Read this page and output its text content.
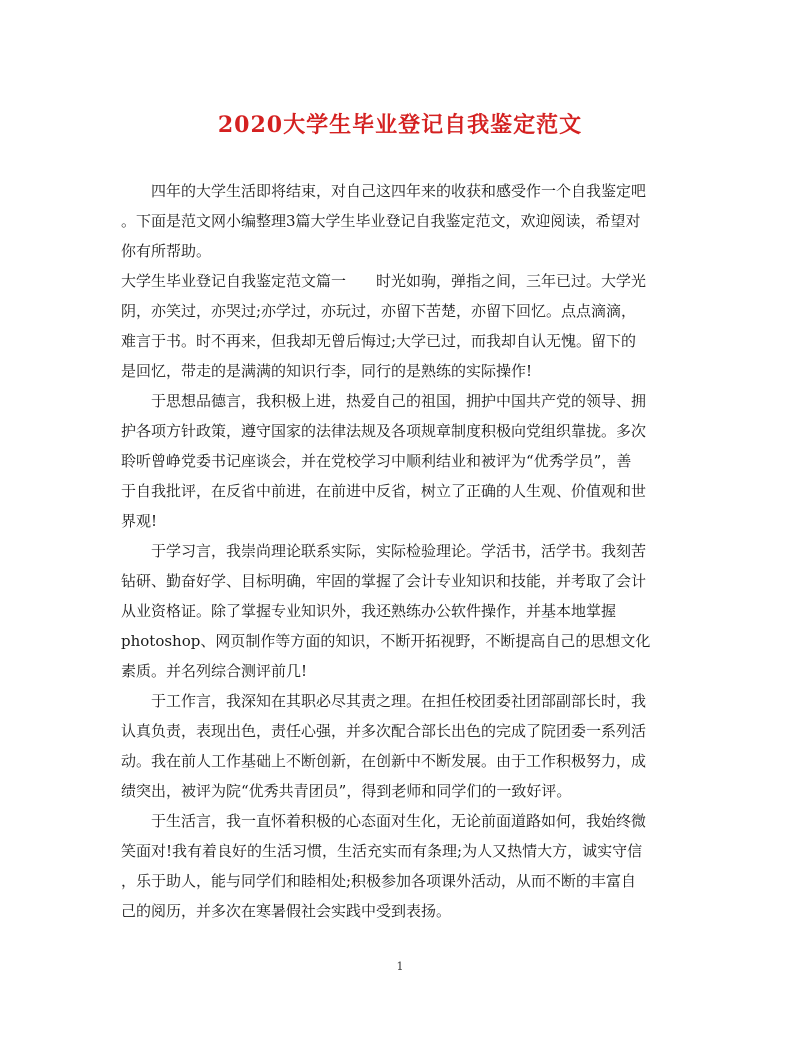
2020大学生毕业登记自我鉴定范文
　　四年的大学生活即将结束，对自己这四年来的收获和感受作一个自我鉴定吧
。下面是范文网小编整理3篇大学生毕业登记自我鉴定范文，欢迎阅读，希望对
你有所帮助。
大学生毕业登记自我鉴定范文篇一　　时光如驹，弹指之间，三年已过。大学光
阴，亦笑过，亦哭过;亦学过，亦玩过，亦留下苦楚，亦留下回忆。点点滴滴，
难言于书。时不再来，但我却无曾后悔过;大学已过，而我却自认无愧。留下的
是回忆，带走的是满满的知识行李，同行的是熟练的实际操作!
　　于思想品德言，我积极上进，热爱自己的祖国，拥护中国共产党的领导、拥
护各项方针政策，遵守国家的法律法规及各项规章制度积极向党组织靠拢。多次
聆听曾峥党委书记座谈会，并在党校学习中顺利结业和被评为“优秀学员”，善
于自我批评，在反省中前进，在前进中反省，树立了正确的人生观、价值观和世
界观!
　　于学习言，我崇尚理论联系实际，实际检验理论。学活书，活学书。我刻苦
钻研、勤奋好学、目标明确，牢固的掌握了会计专业知识和技能，并考取了会计
从业资格证。除了掌握专业知识外，我还熟练办公软件操作，并基本地掌握
photoshop、网页制作等方面的知识，不断开拓视野，不断提高自己的思想文化
素质。并名列综合测评前几!
　　于工作言，我深知在其职必尽其责之理。在担任校团委社团部副部长时，我
认真负责，表现出色，责任心强，并多次配合部长出色的完成了院团委一系列活
动。我在前人工作基础上不断创新，在创新中不断发展。由于工作积极努力，成
绩突出，被评为院“优秀共青团员”，得到老师和同学们的一致好评。
　　于生活言，我一直怀着积极的心态面对生化，无论前面道路如何，我始终微
笑面对!我有着良好的生活习惯，生活充实而有条理;为人又热情大方，诚实守信
，乐于助人，能与同学们和睦相处;积极参加各项课外活动，从而不断的丰富自
己的阅历，并多次在寒暑假社会实践中受到表扬。
1
